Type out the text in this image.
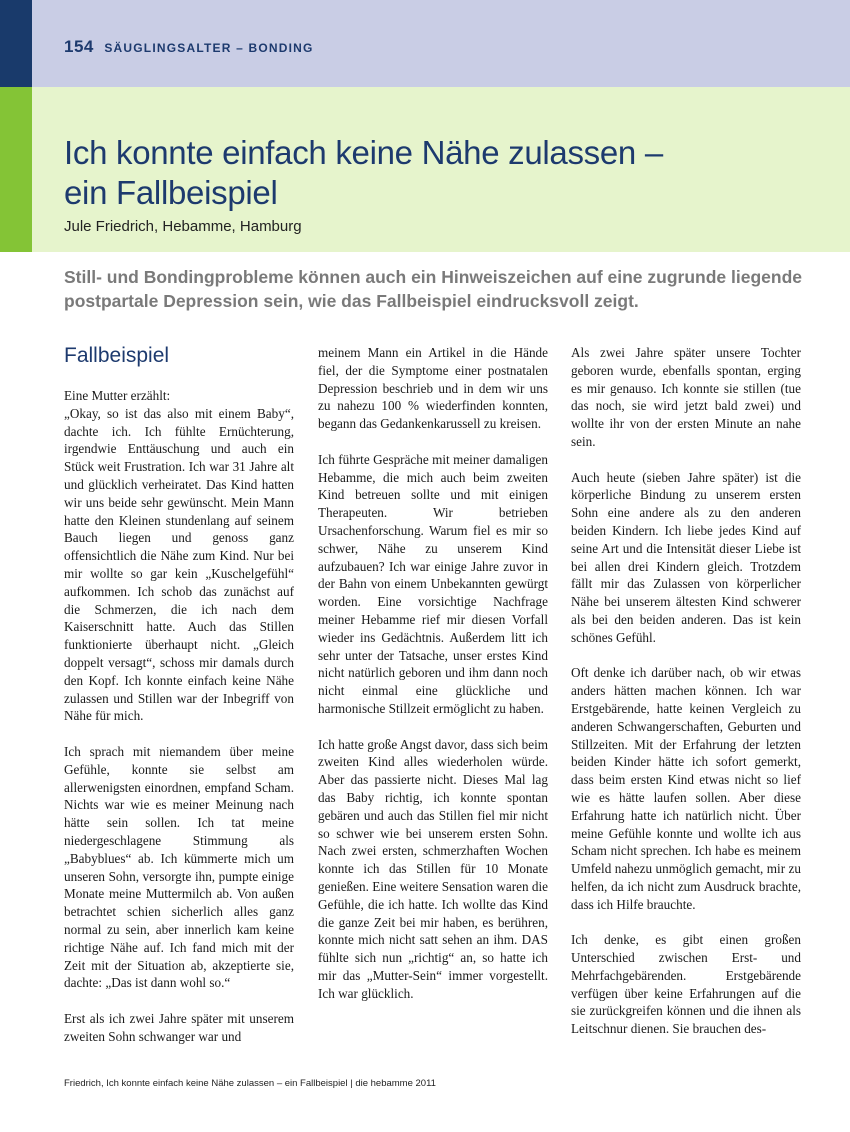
154 SÄUGLINGSALTER – BONDING
Ich konnte einfach keine Nähe zulassen –
ein Fallbeispiel
Jule Friedrich, Hebamme, Hamburg

Still- und Bondingprobleme können auch ein Hinweiszeichen auf eine zugrunde liegende postpartale Depression sein, wie das Fallbeispiel eindrucksvoll zeigt.

Fallbeispiel
Eine Mutter erzählt:

„Okay, so ist das also mit einem Baby“, dachte ich. Ich fühlte Ernüchterung, irgendwie Enttäuschung und auch ein Stück weit Frustration. Ich war 31 Jahre alt und glücklich verheiratet. Das Kind hatten wir uns beide sehr gewünscht. Mein Mann hatte den Kleinen stundenlang auf seinem Bauch liegen und genoss ganz offensichtlich die Nähe zum Kind. Nur bei mir wollte so gar kein „Kuschelgefühl“ aufkommen. Ich schob das zunächst auf die Schmerzen, die ich nach dem Kaiserschnitt hatte. Auch das Stillen funktionierte überhaupt nicht. „Gleich doppelt versagt“, schoss mir damals durch den Kopf. Ich konnte einfach keine Nähe zulassen und Stillen war der Inbegriff von Nähe für mich.

Ich sprach mit niemandem über meine Gefühle, konnte sie selbst am allerwenigsten einordnen, empfand Scham. Nichts war wie es meiner Meinung nach hätte sein sollen. Ich tat meine niedergeschlagene Stimmung als „Babyblues“ ab. Ich kümmerte mich um unseren Sohn, versorgte ihn, pumpte einige Monate meine Muttermilch ab. Von außen betrachtet schien sicherlich alles ganz normal zu sein, aber innerlich kam keine richtige Nähe auf. Ich fand mich mit der Zeit mit der Situation ab, akzeptierte sie, dachte: „Das ist dann wohl so.“

Erst als ich zwei Jahre später mit unserem zweiten Sohn schwanger war und

meinem Mann ein Artikel in die Hände fiel, der die Symptome einer postnatalen Depression beschrieb und in dem wir uns zu nahezu 100 % wiederfinden konnten, begann das Gedankenkarussell zu kreisen.

Ich führte Gespräche mit meiner damaligen Hebamme, die mich auch beim zweiten Kind betreuen sollte und mit einigen Therapeuten. Wir betrieben Ursachenforschung. Warum fiel es mir so schwer, Nähe zu unserem Kind aufzubauen? Ich war einige Jahre zuvor in der Bahn von einem Unbekannten gewürgt worden. Eine vorsichtige Nachfrage meiner Hebamme rief mir diesen Vorfall wieder ins Gedächtnis. Außerdem litt ich sehr unter der Tatsache, unser erstes Kind nicht natürlich geboren und ihm dann noch nicht einmal eine glückliche und harmonische Stillzeit ermöglicht zu haben.

Ich hatte große Angst davor, dass sich beim zweiten Kind alles wiederholen würde. Aber das passierte nicht. Dieses Mal lag das Baby richtig, ich konnte spontan gebären und auch das Stillen fiel mir nicht so schwer wie bei unserem ersten Sohn. Nach zwei ersten, schmerzhaften Wochen konnte ich das Stillen für 10 Monate genießen. Eine weitere Sensation waren die Gefühle, die ich hatte. Ich wollte das Kind die ganze Zeit bei mir haben, es berühren, konnte mich nicht satt sehen an ihm. DAS fühlte sich nun „richtig“ an, so hatte ich mir das „Mutter-Sein“ immer vorgestellt. Ich war glücklich.

Als zwei Jahre später unsere Tochter geboren wurde, ebenfalls spontan, erging es mir genauso. Ich konnte sie stillen (tue das noch, sie wird jetzt bald zwei) und wollte ihr von der ersten Minute an nahe sein.

Auch heute (sieben Jahre später) ist die körperliche Bindung zu unserem ersten Sohn eine andere als zu den anderen beiden Kindern. Ich liebe jedes Kind auf seine Art und die Intensität dieser Liebe ist bei allen drei Kindern gleich. Trotzdem fällt mir das Zulassen von körperlicher Nähe bei unserem ältesten Kind schwerer als bei den beiden anderen. Das ist kein schönes Gefühl.

Oft denke ich darüber nach, ob wir etwas anders hätten machen können. Ich war Erstgebärende, hatte keinen Vergleich zu anderen Schwangerschaften, Geburten und Stillzeiten. Mit der Erfahrung der letzten beiden Kinder hätte ich sofort gemerkt, dass beim ersten Kind etwas nicht so lief wie es hätte laufen sollen. Aber diese Erfahrung hatte ich natürlich nicht. Über meine Gefühle konnte und wollte ich aus Scham nicht sprechen. Ich habe es meinem Umfeld nahezu unmöglich gemacht, mir zu helfen, da ich nicht zum Ausdruck brachte, dass ich Hilfe brauchte.

Ich denke, es gibt einen großen Unterschied zwischen Erst- und Mehrfachgebärenden. Erstgebärende verfügen über keine Erfahrungen auf die sie zurückgreifen können und die ihnen als Leitschnur dienen. Sie brauchen des-

Friedrich, Ich konnte einfach keine Nähe zulassen – ein Fallbeispiel | die hebamme 2011
